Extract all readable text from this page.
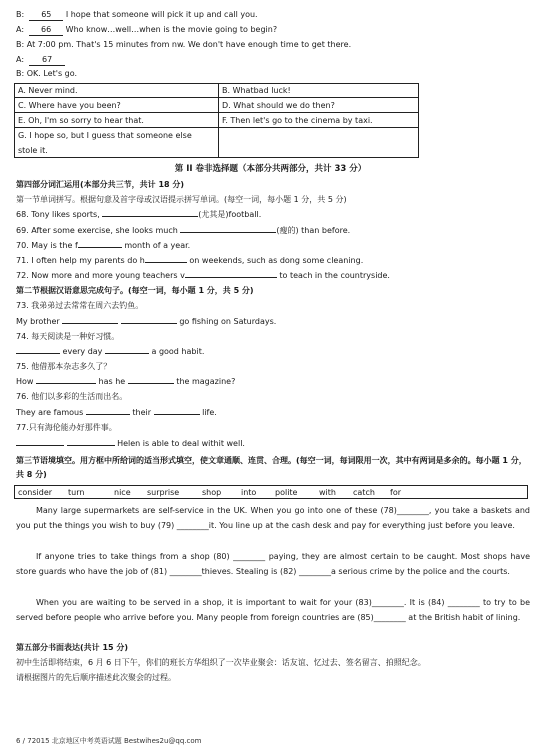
B: 65 I hope that someone will pick it up and call you.
A: 66 Who know…well…when is the movie going to begin?
B: At 7:00 pm. That's 15 minutes from nw. We don't have enough time to get there.
A: 67
B: OK. Let's go.
A. Never mind.	B. Whatbad luck!
C. Where have you been?	D. What should we do then?
E. Oh, I'm so sorry to hear that.	F. Then let's go to the cinema by taxi.
G. I hope so, but I guess that someone else
stole it.
第 II 卷非选择题（本部分共两部分，共计 33 分）
第四部分词汇运用(本部分共三节，共计 18 分)
第一节单词拼写。根据句意及首字母或汉语提示拼写单词。(每空一词，每小题 1 分，共 5 分)
68. Tony likes sports,	(尤其是)football.
69. After some exercise, she looks much	(瘦的) than before.
70. May is the f	month of a year.
71. I often help my parents do h	on weekends, such as dong some cleaning.
72. Now more and more young teachers v	to teach in the countryside.
第二节根据汉语意思完成句子。(每空一词，每小题 1 分，共 5 分)
73. 我弟弟过去常常在周六去钓鱼。
My brother	go fishing on Saturdays.
74. 每天阅读是一种好习惯。
every day	a good habit.
75. 他借那本杂志多久了？
How	has he	the magazine?
76. 他们以多彩的生活而出名。
They are famous	their	life.
77.只有海伦能办好那件事。
Helen is able to deal withit well.
第三节语境填空。用方框中所给词的适当形式填空，使文章通顺、连贯、合理。(每空一词，每词限用一次，其中有两词是多余的。每小题 1 分，共 8 分)
consider turn	nice surprise	shop into polite	with catch for
Many large supermarkets are self-service in the UK. When you go into one of these (78)________, you take a baskets and you put the things you wish to buy (79) ________it. You line up at the cash desk and pay for everything just before you leave.
If anyone tries to take things from a shop (80) ________ paying, they are almost certain to be caught. Most shops have store guards who have the job of (81) ________thieves. Stealing is (82) ________a serious crime by the police and the courts.
When you are waiting to be served in a shop, it is important to wait for your (83)________. It is (84) ________ to try to be served before people who arrive before you. Many people from foreign countries are (85)________ at the British habit of lining.
第五部分书面表达(共计 15 分)
初中生活即将结束，6 月 6 日下午，你们的班长方华组织了一次毕业聚会：话友谊、忆过去、签名留言、拍照纪念。
请根据图片的先后顺序描述此次聚会的过程。
6 / 72015 北京地区中考英语试题 Bestwihes2u@qq.com
